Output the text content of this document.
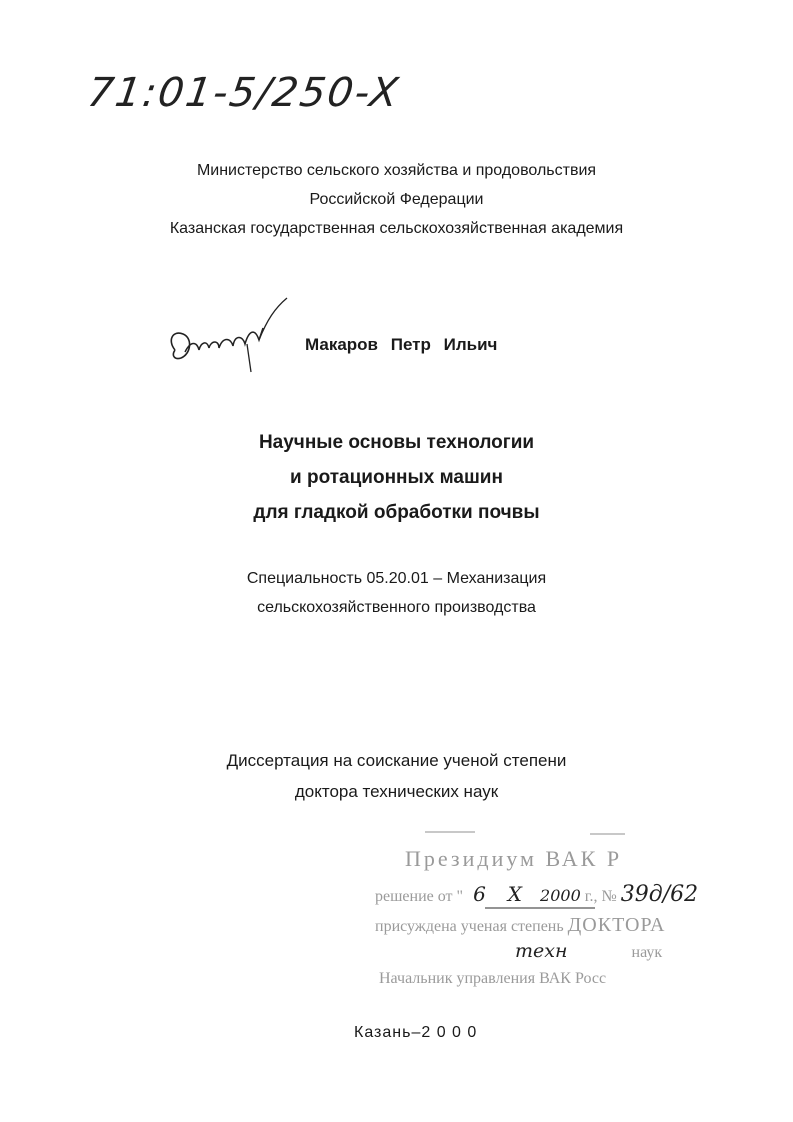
71:01-5/250-X
Министерство сельского хозяйства и продовольствия
Российской Федерации
Казанская государственная сельскохозяйственная академия
Макаров Петр Ильич
Научные основы технологии
и ротационных машин
для гладкой обработки почвы
Специальность 05.20.01 – Механизация
сельскохозяйственного производства
Диссертация на соискание ученой степени
доктора технических наук
Президиум ВАК Р
решение от " 6 X 2000 г., № 39д/62
присуждена ученая степень ДОКТОРА
техн	наук
Начальник управления ВАК Росс
Казань–2 0 0 0
